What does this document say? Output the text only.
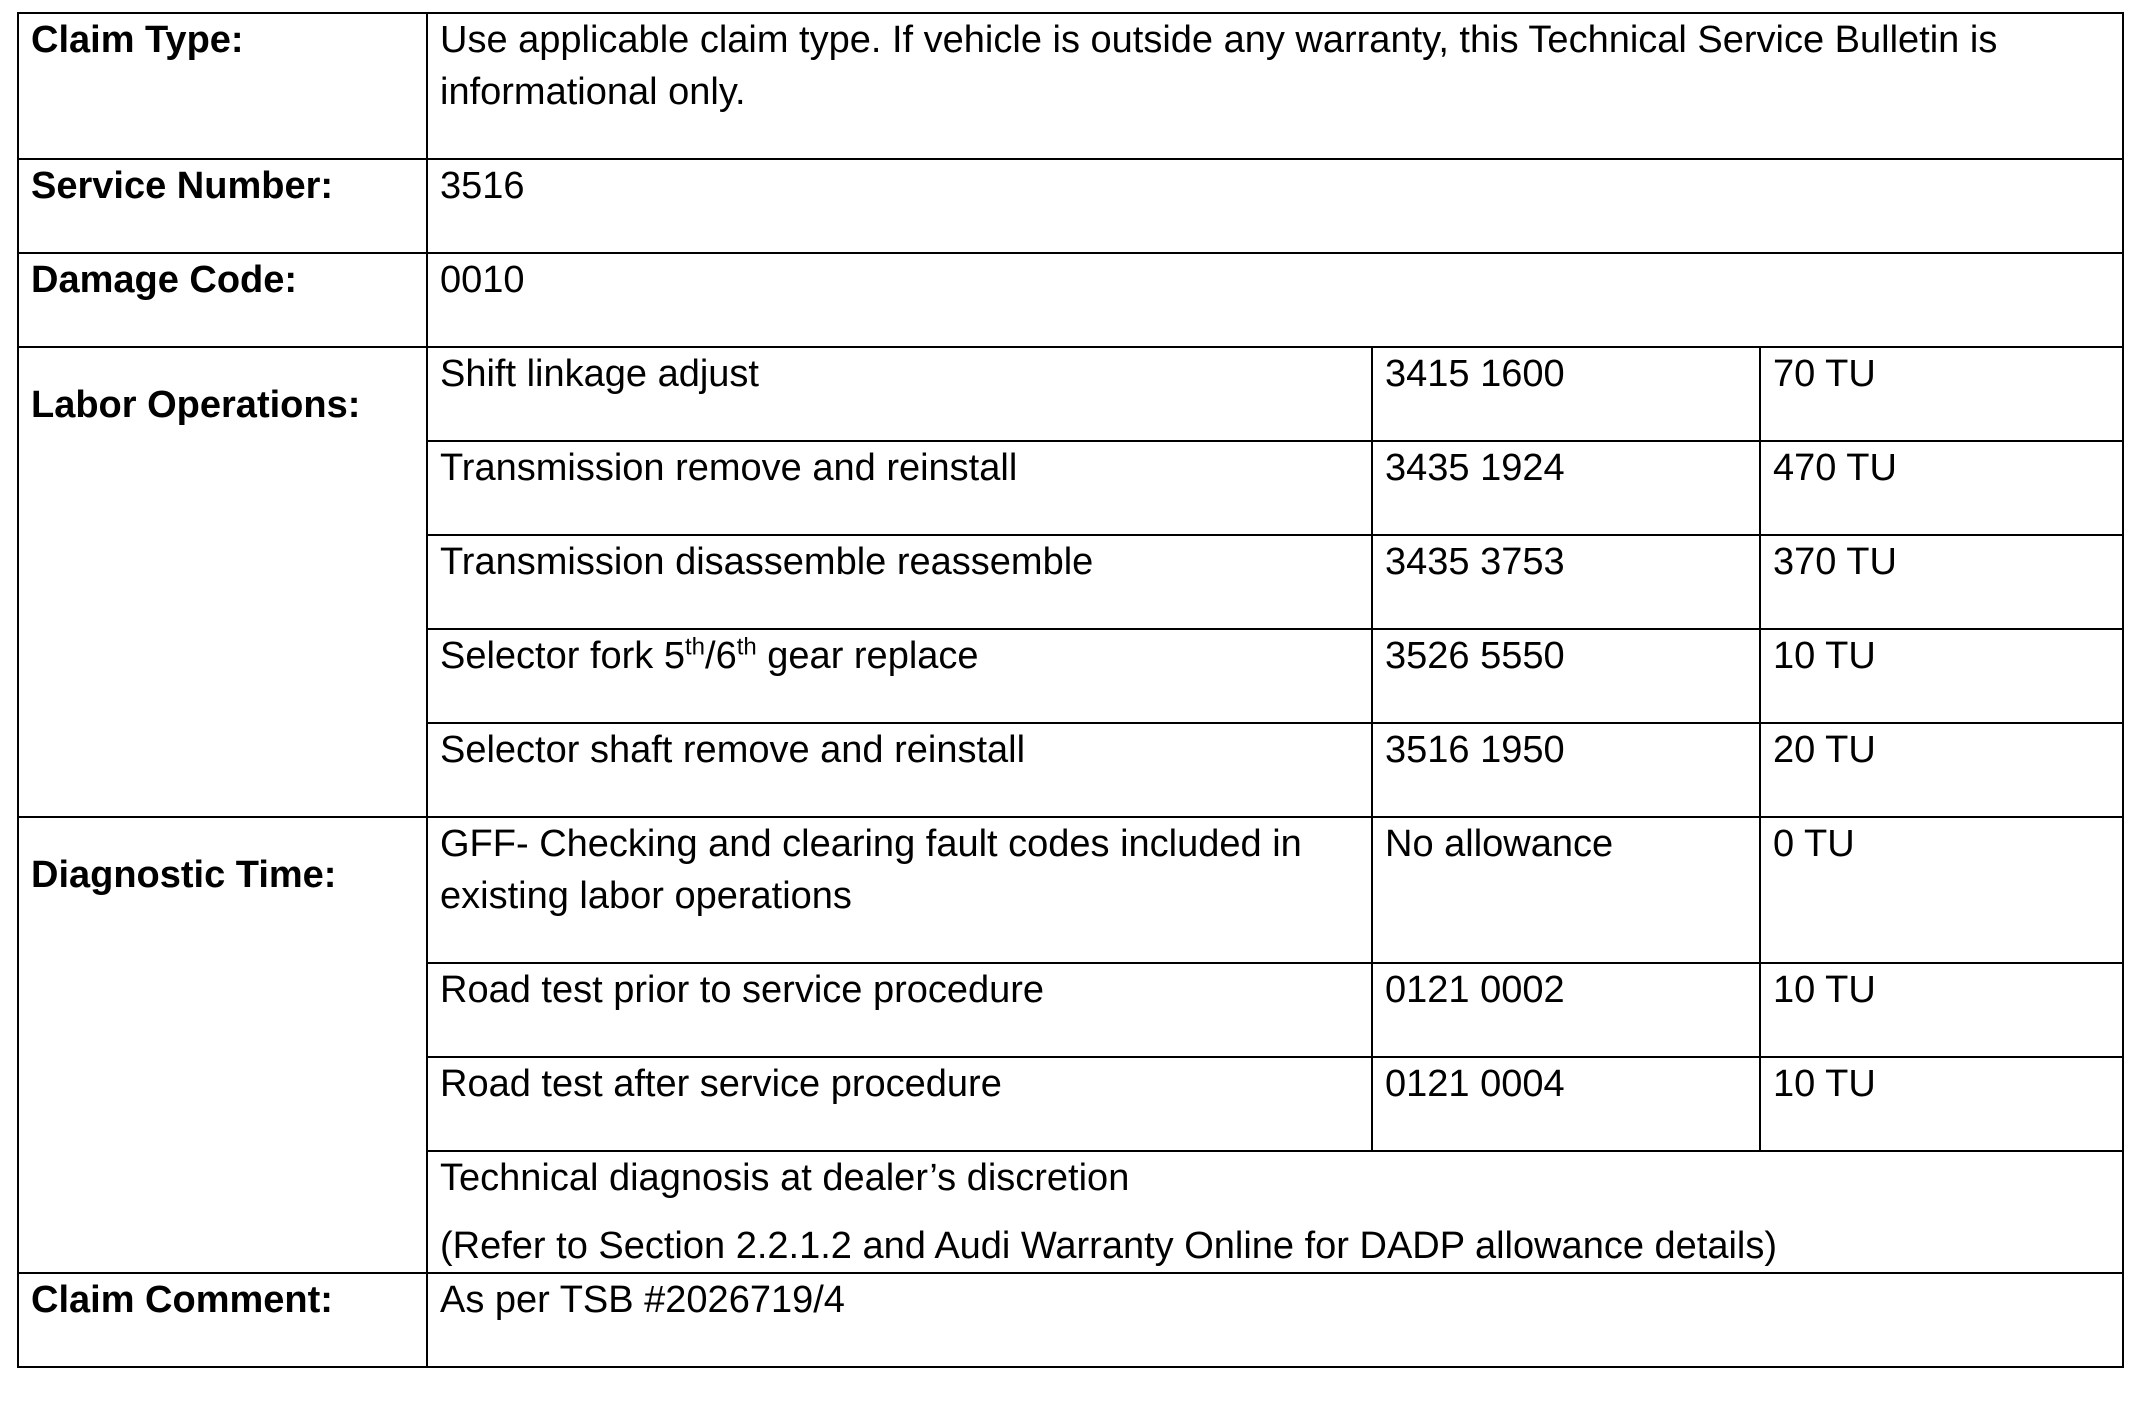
Claim Type:	Use applicable claim type. If vehicle is outside any warranty, this Technical Service Bulletin is informational only.		
Service Number:	3516		
Damage Code:	0010		
Labor Operations:	Shift linkage adjust	3415 1600	70 TU
	Transmission remove and reinstall	3435 1924	470 TU
	Transmission disassemble reassemble	3435 3753	370 TU
	Selector fork 5th/6th gear replace	3526 5550	10 TU
	Selector shaft remove and reinstall	3516 1950	20 TU
Diagnostic Time:	GFF- Checking and clearing fault codes included in existing labor operations	No allowance	0 TU
	Road test prior to service procedure	0121 0002	10 TU
	Road test after service procedure	0121 0004	10 TU
	Technical diagnosis at dealer’s discretion
(Refer to Section 2.2.1.2 and Audi Warranty Online for DADP allowance details)		

Claim Comment:	As per TSB #2026719/4		
